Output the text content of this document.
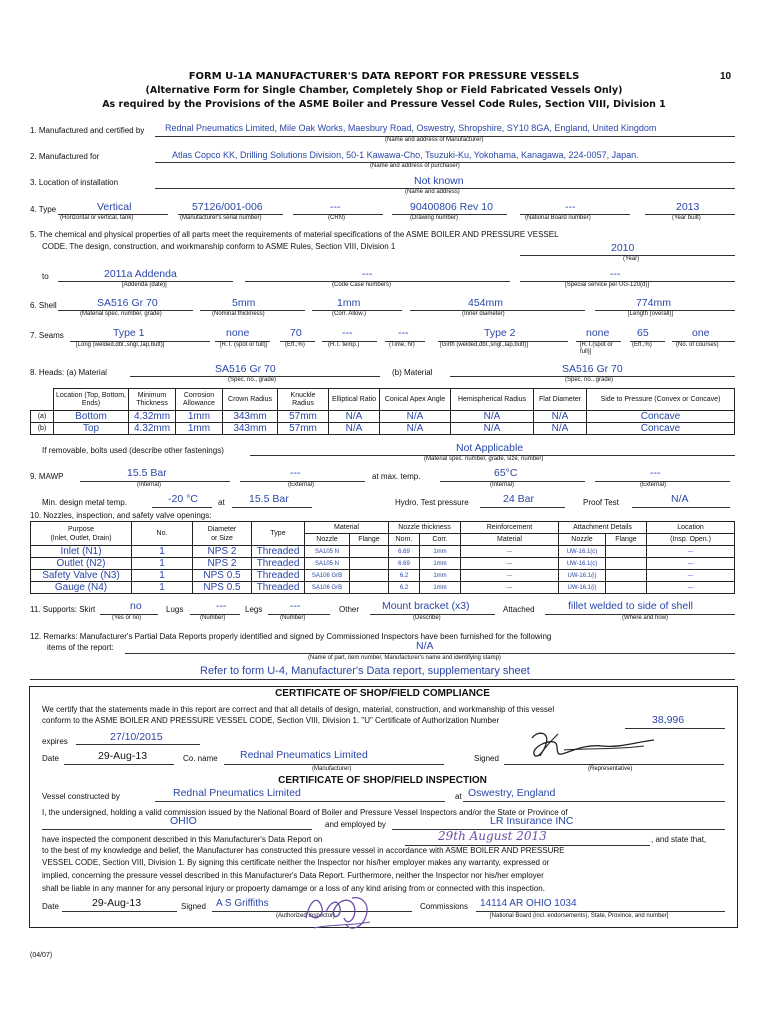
FORM U-1A MANUFACTURER'S DATA REPORT FOR PRESSURE VESSELS	10
(Alternative Form for Single Chamber, Completely Shop or Field Fabricated Vessels Only)
As required by the Provisions of the ASME Boiler and Pressure Vessel Code Rules, Section VIII, Division 1
1. Manufactured and certified by Rednal Pneumatics Limited, Mile Oak Works, Maesbury Road, Oswestry, Shropshire, SY10 8GA, England, United Kingdom
(Name and address of Manufacturer)
2. Manufactured for	Atlas Copco KK, Drilling Solutions Division, 50-1 Kawawa-Cho, Tsuzuki-Ku, Yokohama, Kanagawa, 224-0057, Japan.
(Name and address of purchaser)
3. Location of installation	Not known
(Name and address)
4. Type	Vertical	57126/001-006	---	90400806 Rev 10	---	2013
(Horizontal or vertical, tank)	(Manufacturer's serial number)	(CRN)	(Drawing number)	(National Board number)	(Year built)
5. The chemical and physical properties of all parts meet the requirements of material specifications of the ASME BOILER AND PRESSURE VESSEL
CODE. The design, construction, and workmanship conform to ASME Rules, Section VIII, Division 1	2010
(Year)
to	2011a Addenda	---	---
[Addenda (date)]	(Code Case numbers)	[Special service per UG-120(d)]
6. Shell	SA516 Gr 70	5mm	1mm	454mm	774mm
(Material spec. number, grade)	(Nominal thickness)	(Corr. Allow.)	(Inner diameter)	[Length (overall)]
7. Seams	Type 1	none	70	---	---	Type 2	none	65	one
[Long (welded,dbl.,sngl.,lap,butt)]	[R.T. (spot or full)]	(Eff.,%)	(H.T. temp.)	(Time, hr)	[Girth (welded,dbl.,sngl.,lap,butt)]	[R.T.(spot or full)]
(Eff.,%)	(No. of courses)
8. Heads: (a) Material	SA516 Gr 70	(b) Material	SA516 Gr 70
(Spec. no., grade)	(Spec. no., grade)
	Location (Top, Bottom, Ends)	Minimum Thickness	Corrosion Allowance	Crown Radius	Knuckle Radius	Elliptical Ratio	Conical Apex Angle	Hemispherical Radius	Flat Diameter	Side to Pressure (Convex or Concave)
(a)	Bottom	4.32mm	1mm	343mm	57mm	N/A	N/A	N/A	N/A	Concave
(b)	Top	4.32mm	1mm	343mm	57mm	N/A	N/A	N/A	N/A	Concave
If removable, bolts used (describe other fastenings)	Not Applicable
(Material spec. number, grade, size, number)
9. MAWP	15.5 Bar	---	at max. temp.	65°C	---
(Internal)	(External)	(Internal)	(External)
Min. design metal temp.	-20 °C	at 15.5 Bar	Hydro. Test pressure	24 Bar	Proof Test	N/A
10. Nozzles, inspection, and safety valve openings:
Purpose
(Inlet, Outlet, Drain)	No.	Diameter
or Size	Type	Material		Nozzle thickness		Reinforcement	Attachment Details		Location
				Nozzle	Flange	Nom.	Corr.	Material	Nozzle	Flange	(Insp. Open.)
Inlet (N1)	1	NPS 2	Threaded	SA105 N		6.69	1mm	---	UW-16.1(c)		---
Outlet (N2)	1	NPS 2	Threaded	SA105 N		6.69	1mm	---	UW-16.1(c)		---
Safety Valve (N3)	1	NPS 0.5	Threaded	SA106 GrB		6.2	1mm	---	UW-16.1(i)		---
Gauge (N4)	1	NPS 0.5	Threaded	SA106 GrB		6.2	1mm	---	UW-16.1(i)		---
11. Supports: Skirt	no	Lugs	--- Legs	---	Other Mount bracket (x3)	Attached	fillet welded to side of shell
(Yes or no)	(Number)	(Number)	(Describe)	(Where and how)
12. Remarks: Manufacturer's Partial Data Reports properly identified and signed by Commissioned Inspectors have been furnished for the following
items of the report:	N/A
(Name of part, item number, Manufacturer's name and identifying stamp)
Refer to form U-4, Manufacturer's Data report, supplementary sheet
CERTIFICATE OF SHOP/FIELD COMPLIANCE
We certify that the statements made in this report are correct and that all details of design, material, construction, and workmanship of this vessel
conform to the ASME BOILER AND PRESSURE VESSEL CODE, Section VIII, Division 1. "U" Certificate of Authorization Number	38,996
expires	27/10/2015
Date	29-Aug-13	Co. name Rednal Pneumatics Limited	Signed
(Manufacturer)	(Representative)
CERTIFICATE OF SHOP/FIELD INSPECTION
Vessel constructed by	Rednal Pneumatics Limited	at Oswestry, England
I, the undersigned, holding a valid commission issued by the National Board of Boiler and Pressure Vessel Inspectors and/or the State or Province of
OHIO	and employed by	LR Insurance INC
have inspected the component described in this Manufacturer's Data Report on	29th August 2013	, and state that,
to the best of my knowledge and belief, the Manufacturer has constructed this pressure vessel in accordance with ASME BOILER AND PRESSURE
VESSEL CODE, Section VIII, Division 1. By signing this certificate neither the Inspector nor his/her employer makes any warranty, expressed or
implied, concerning the pressure vessel described in this Manufacturer's Data Report. Furthermore, neither the Inspector nor his/her employer
shall be liable in any manner for any personal injury or propoerty damamge or a loss of any kind arising from or connected with this inspection.
Date	29-Aug-13	Signed A S Griffiths	Commissions 14114 AR OHIO 1034
(Authorized Inspector)	[National Board (incl. endorsements), State, Province, and number]
(04/07)
